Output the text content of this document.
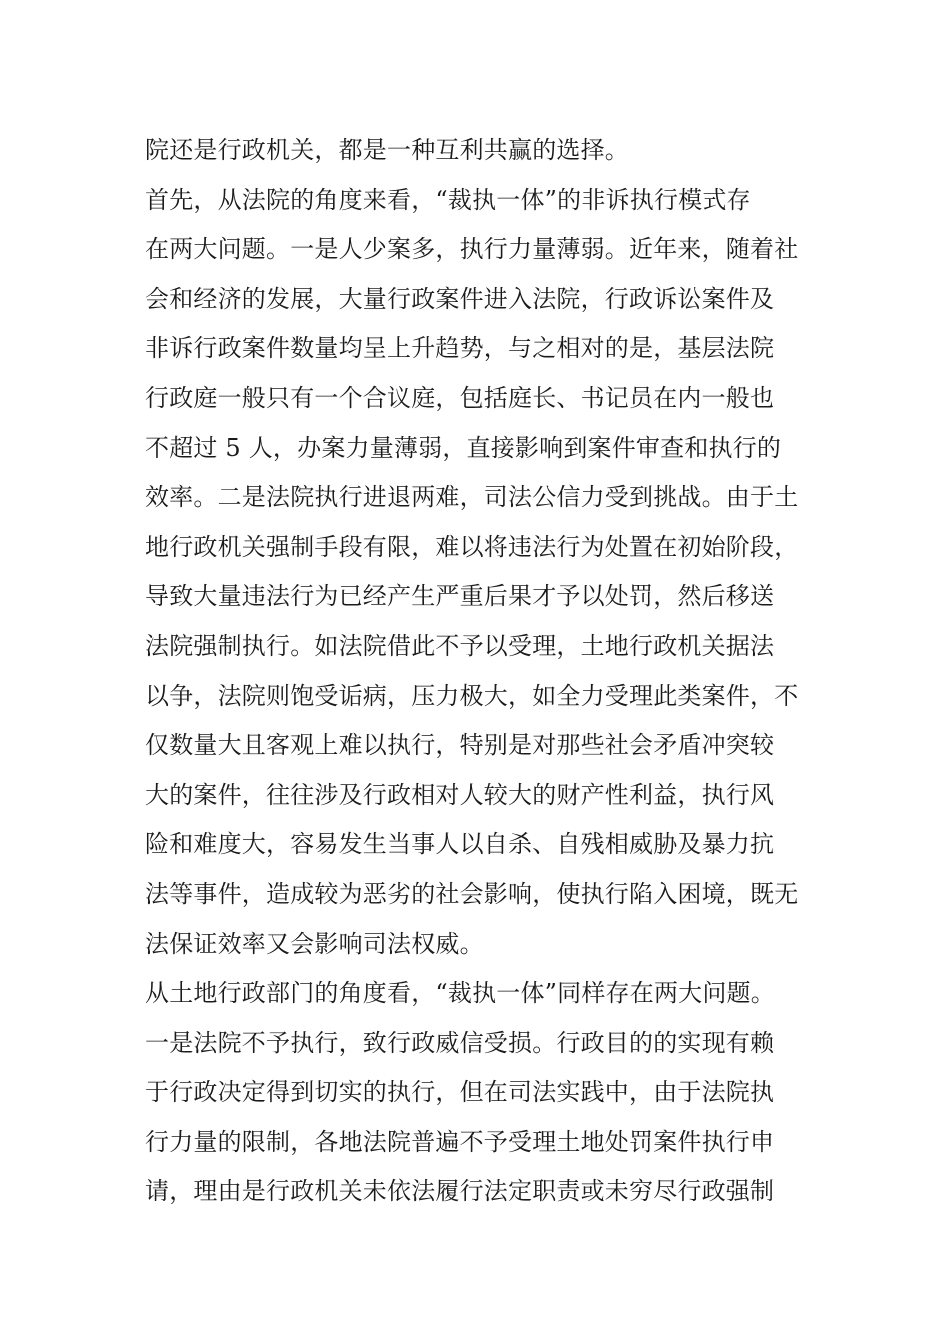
院还是行政机关，都是一种互利共赢的选择。
首先，从法院的角度来看，“裁执一体”的非诉执行模式存
在两大问题。一是人少案多，执行力量薄弱。近年来，随着社
会和经济的发展，大量行政案件进入法院，行政诉讼案件及
非诉行政案件数量均呈上升趋势，与之相对的是，基层法院
行政庭一般只有一个合议庭，包括庭长、书记员在内一般也
不超过 5 人，办案力量薄弱，直接影响到案件审查和执行的
效率。二是法院执行进退两难，司法公信力受到挑战。由于土
地行政机关强制手段有限，难以将违法行为处置在初始阶段，
导致大量违法行为已经产生严重后果才予以处罚，然后移送
法院强制执行。如法院借此不予以受理，土地行政机关据法
以争，法院则饱受诟病，压力极大，如全力受理此类案件，不
仅数量大且客观上难以执行，特别是对那些社会矛盾冲突较
大的案件，往往涉及行政相对人较大的财产性利益，执行风
险和难度大，容易发生当事人以自杀、自残相威胁及暴力抗
法等事件，造成较为恶劣的社会影响，使执行陷入困境，既无
法保证效率又会影响司法权威。
从土地行政部门的角度看，“裁执一体”同样存在两大问题。
一是法院不予执行，致行政威信受损。行政目的的实现有赖
于行政决定得到切实的执行，但在司法实践中，由于法院执
行力量的限制，各地法院普遍不予受理土地处罚案件执行申
请，理由是行政机关未依法履行法定职责或未穷尽行政强制
